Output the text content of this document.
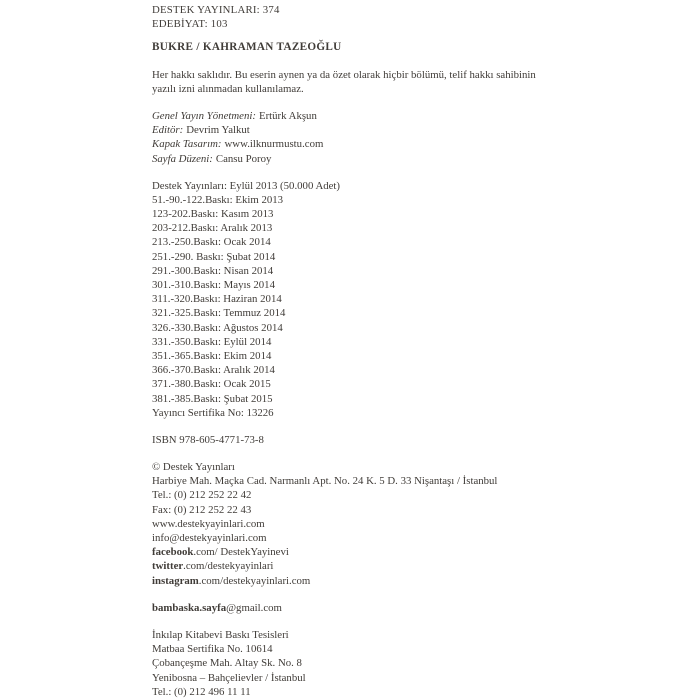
DESTEK YAYINLARI: 374
EDEBİYAT: 103
BUKRE / KAHRAMAN TAZEOĞLU
Her hakkı saklıdır. Bu eserin aynen ya da özet olarak hiçbir bölümü, telif hakkı sahibinin
yazılı izni alınmadan kullanılamaz.
Genel Yayın Yönetmeni: Ertürk Akşun
Editör: Devrim Yalkut
Kapak Tasarım: www.ilknurmustu.com
Sayfa Düzeni: Cansu Poroy
Destek Yayınları: Eylül 2013 (50.000 Adet)
51.-90.-122.Baskı: Ekim 2013
123-202.Baskı: Kasım 2013
203-212.Baskı: Aralık 2013
213.-250.Baskı: Ocak 2014
251.-290. Baskı: Şubat 2014
291.-300.Baskı: Nisan 2014
301.-310.Baskı: Mayıs 2014
311.-320.Baskı: Haziran 2014
321.-325.Baskı: Temmuz 2014
326.-330.Baskı: Ağustos 2014
331.-350.Baskı: Eylül 2014
351.-365.Baskı: Ekim 2014
366.-370.Baskı: Aralık 2014
371.-380.Baskı: Ocak 2015
381.-385.Baskı: Şubat 2015
Yayıncı Sertifika No: 13226
ISBN 978-605-4771-73-8
© Destek Yayınları
Harbiye Mah. Maçka Cad. Narmanlı Apt. No. 24 K. 5 D. 33 Nişantaşı / İstanbul
Tel.: (0) 212 252 22 42
Fax: (0) 212 252 22 43
www.destekyayinlari.com
info@destekyayinlari.com
facebook.com/ DestekYayinevi
twitter.com/destekyayinlari
instagram.com/destekyayinlari.com
bambaska.sayfa@gmail.com
İnkılap Kitabevi Baskı Tesisleri
Matbaa Sertifika No. 10614
Çobançeşme Mah. Altay Sk. No. 8
Yenibosna – Bahçelievler / İstanbul
Tel.: (0) 212 496 11 11
